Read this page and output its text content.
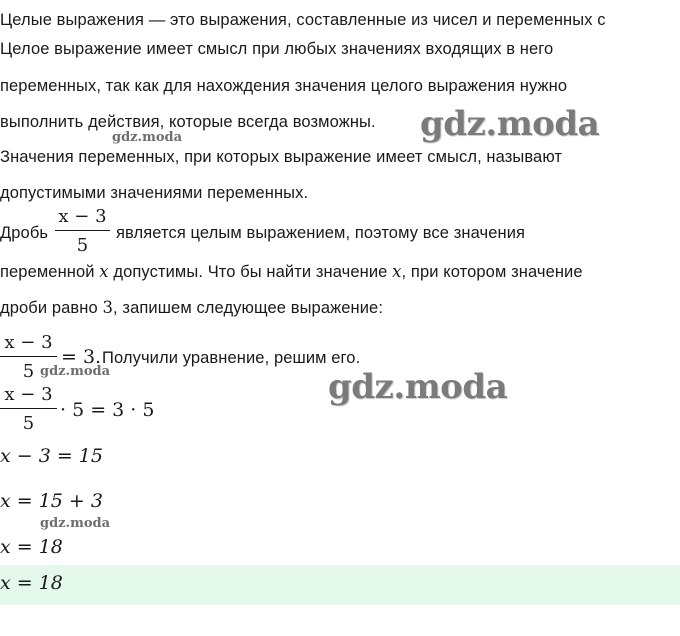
Целые выражения — это выражения, составленные из чисел и переменных с
Целое выражение имеет смысл при любых значениях входящих в него
переменных, так как для нахождения значения целого выражения нужно
выполнить действия, которые всегда возможны.
Значения переменных, при которых выражение имеет смысл, называют
допустимыми значениями переменных.
Дробь
x − 3
5
является целым выражением, поэтому все значения
переменной x допустимы. Что бы найти значение x, при котором значение
дроби равно 3, запишем следующее выражение:
x − 3
5
= 3. Получили уравнение, решим его.
x − 3
5
· 5 = 3 · 5
x − 3 = 15
x = 15 + 3
x = 18
x = 18
gdz.moda
gdz.moda
gdz.moda
gdz.moda
gdz.moda
